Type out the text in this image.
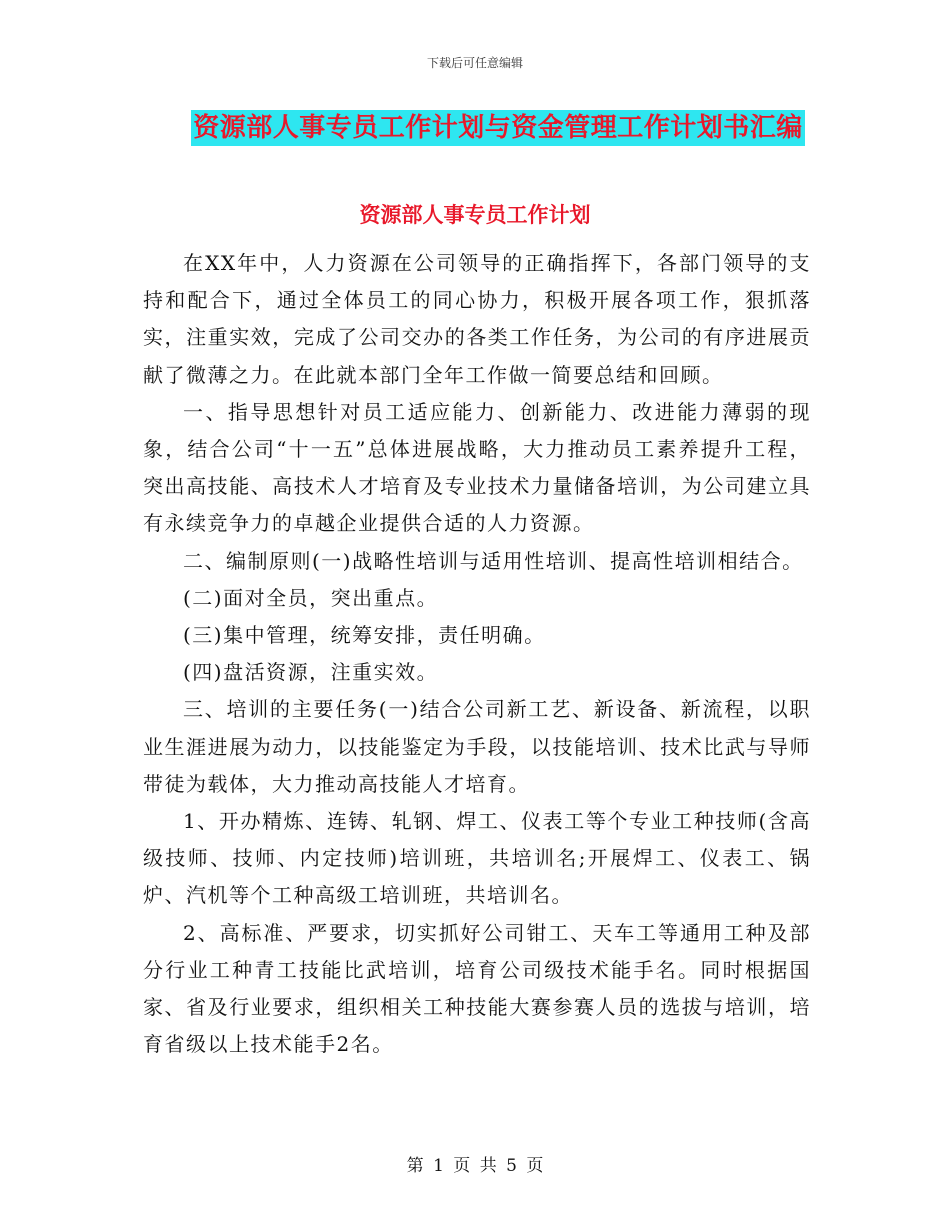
下载后可任意编辑
资源部人事专员工作计划与资金管理工作计划书汇编
资源部人事专员工作计划

在XX年中，人力资源在公司领导的正确指挥下，各部门领导的支持和配合下，通过全体员工的同心协力，积极开展各项工作，狠抓落实，注重实效，完成了公司交办的各类工作任务，为公司的有序进展贡献了微薄之力。在此就本部门全年工作做一简要总结和回顾。

一、指导思想针对员工适应能力、创新能力、改进能力薄弱的现象，结合公司“十一五”总体进展战略，大力推动员工素养提升工程，突出高技能、高技术人才培育及专业技术力量储备培训，为公司建立具有永续竞争力的卓越企业提供合适的人力资源。

二、编制原则(一)战略性培训与适用性培训、提高性培训相结合。

(二)面对全员，突出重点。

(三)集中管理，统筹安排，责任明确。

(四)盘活资源，注重实效。

三、培训的主要任务(一)结合公司新工艺、新设备、新流程，以职业生涯进展为动力，以技能鉴定为手段，以技能培训、技术比武与导师带徒为载体，大力推动高技能人才培育。

1、开办精炼、连铸、轧钢、焊工、仪表工等个专业工种技师(含高级技师、技师、内定技师)培训班，共培训名;开展焊工、仪表工、锅炉、汽机等个工种高级工培训班，共培训名。

2、高标准、严要求，切实抓好公司钳工、天车工等通用工种及部分行业工种青工技能比武培训，培育公司级技术能手名。同时根据国家、省及行业要求，组织相关工种技能大赛参赛人员的选拔与培训，培育省级以上技术能手2名。

第 1 页 共 5 页
